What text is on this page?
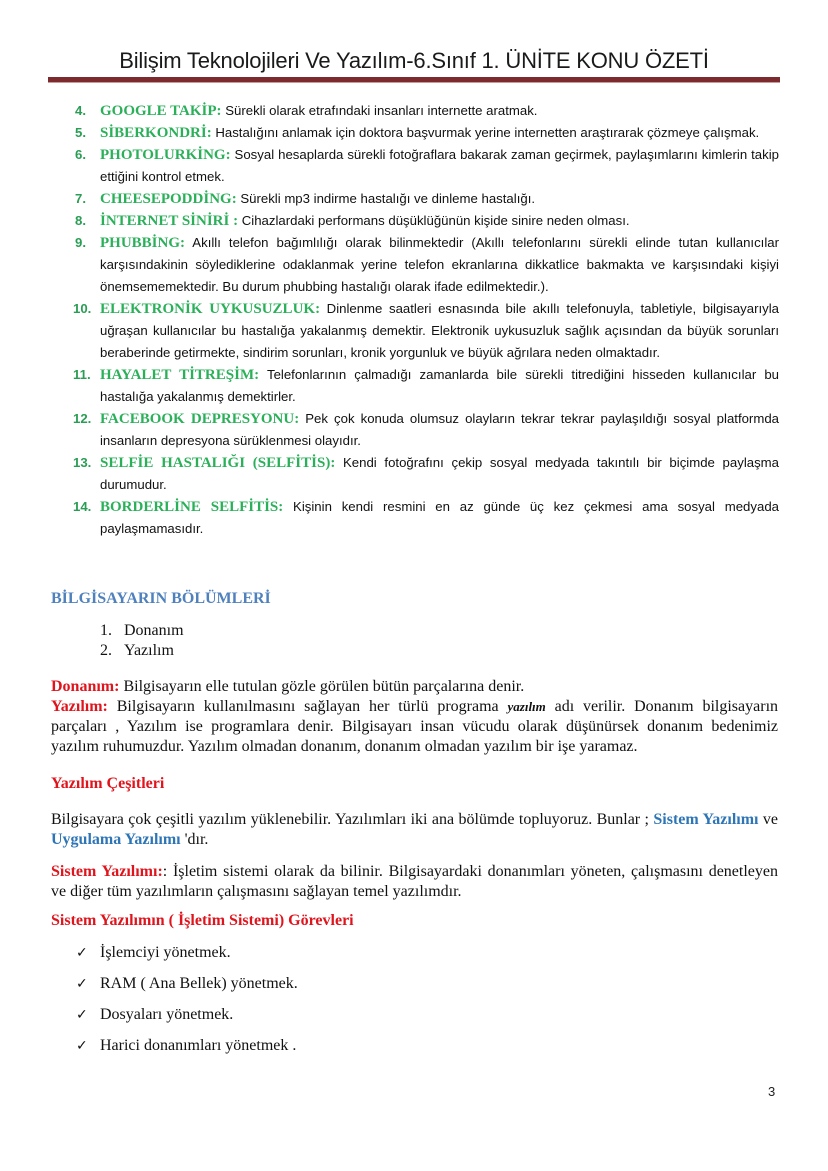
Bilişim Teknolojileri Ve Yazılım-6.Sınıf 1. ÜNİTE KONU ÖZETİ
4. GOOGLE TAKİP: Sürekli olarak etrafındaki insanları internette aratmak.
5. SİBERKONDRİ: Hastalığını anlamak için doktora başvurmak yerine internetten araştırarak çözmeye çalışmak.
6. PHOTOLURKİNG: Sosyal hesaplarda sürekli fotoğraflara bakarak zaman geçirmek, paylaşımlarını kimlerin takip ettiğini kontrol etmek.
7. CHEESEPODDİNG: Sürekli mp3 indirme hastalığı ve dinleme hastalığı.
8. İNTERNET SİNİRİ : Cihazlardaki performans düşüklüğünün kişide sinire neden olması.
9. PHUBBİNG: Akıllı telefon bağımlılığı olarak bilinmektedir (Akıllı telefonlarını sürekli elinde tutan kullanıcılar karşısındakinin söylediklerine odaklanmak yerine telefon ekranlarına dikkatlice bakmakta ve karşısındaki kişiyi önemsememektedir. Bu durum phubbing hastalığı olarak ifade edilmektedir.).
10. ELEKTRONİK UYKUSUZLUK: Dinlenme saatleri esnasında bile akıllı telefonuyla, tabletiyle, bilgisayarıyla uğraşan kullanıcılar bu hastalığa yakalanmış demektir. Elektronik uykusuzluk sağlık açısından da büyük sorunları beraberinde getirmekte, sindirim sorunları, kronik yorgunluk ve büyük ağrılara neden olmaktadır.
11. HAYALET TİTREŞİM: Telefonlarının çalmadığı zamanlarda bile sürekli titrediğini hisseden kullanıcılar bu hastalığa yakalanmış demektirler.
12. FACEBOOK DEPRESYONU: Pek çok konuda olumsuz olayların tekrar tekrar paylaşıldığı sosyal platformda insanların depresyona sürüklenmesi olayıdır.
13. SELFİE HASTALIĞI (SELFİTİS): Kendi fotoğrafını çekip sosyal medyada takıntılı bir biçimde paylaşma durumudur.
14. BORDERLİNE SELFİTİS: Kişinin kendi resmini en az günde üç kez çekmesi ama sosyal medyada paylaşmamasıdır.
BİLGİSAYARIN BÖLÜMLERİ
1. Donanım
2. Yazılım
Donanım: Bilgisayarın elle tutulan gözle görülen bütün parçalarına denir.
Yazılım: Bilgisayarın kullanılmasını sağlayan her türlü programa yazılım adı verilir. Donanım bilgisayarın parçaları , Yazılım ise programlara denir. Bilgisayarı insan vücudu olarak düşünürsek donanım bedenimiz yazılım ruhumuzdur. Yazılım olmadan donanım, donanım olmadan yazılım bir işe yaramaz.
Yazılım Çeşitleri
Bilgisayara çok çeşitli yazılım yüklenebilir. Yazılımları iki ana bölümde topluyoruz. Bunlar ; Sistem Yazılımı ve Uygulama Yazılımı 'dır.
Sistem Yazılımı:: İşletim sistemi olarak da bilinir. Bilgisayardaki donanımları yöneten, çalışmasını denetleyen ve diğer tüm yazılımların çalışmasını sağlayan temel yazılımdır.
Sistem Yazılımın ( İşletim Sistemi) Görevleri
✓ İşlemciyi yönetmek.
✓ RAM ( Ana Bellek) yönetmek.
✓ Dosyaları yönetmek.
✓ Harici donanımları yönetmek .
3
